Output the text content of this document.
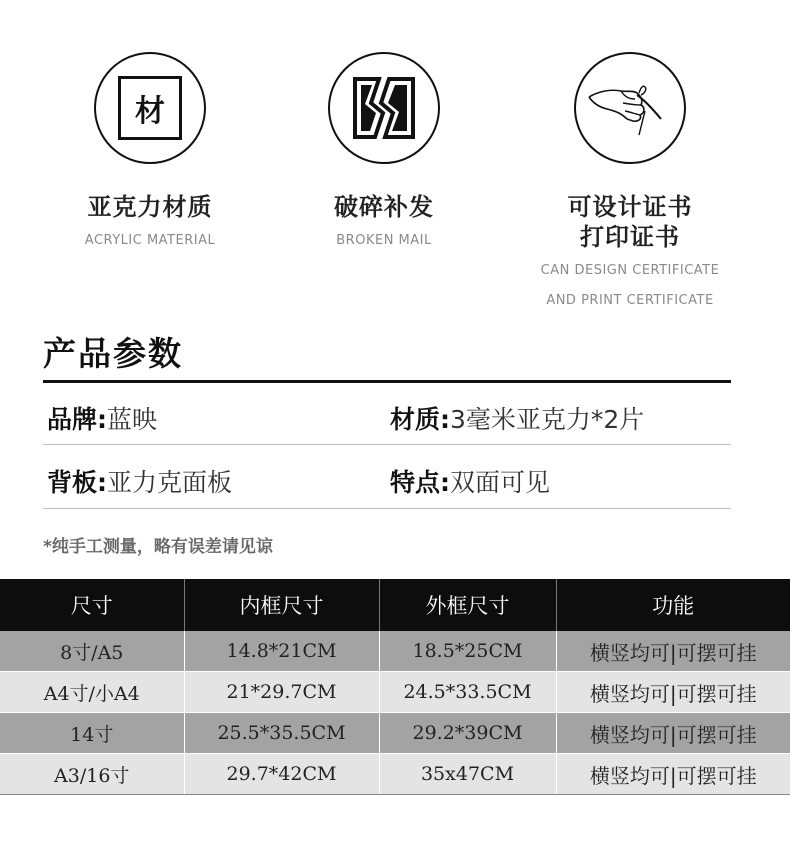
材
亚克力材质
ACRYLIC MATERIAL
破碎补发
BROKEN MAIL
可设计证书
打印证书
CAN DESIGN CERTIFICATE
AND PRINT CERTIFICATE
产品参数
品牌:蓝映	材质:3毫米亚克力*2片
背板:亚力克面板	特点:双面可见
*纯手工测量，略有误差请见谅
尺寸	内框尺寸	外框尺寸	功能
8寸/A5	14.8*21CM	18.5*25CM	横竖均可|可摆可挂
A4寸/小A4	21*29.7CM	24.5*33.5CM	横竖均可|可摆可挂
14寸	25.5*35.5CM	29.2*39CM	横竖均可|可摆可挂
A3/16寸	29.7*42CM	35x47CM	横竖均可|可摆可挂
